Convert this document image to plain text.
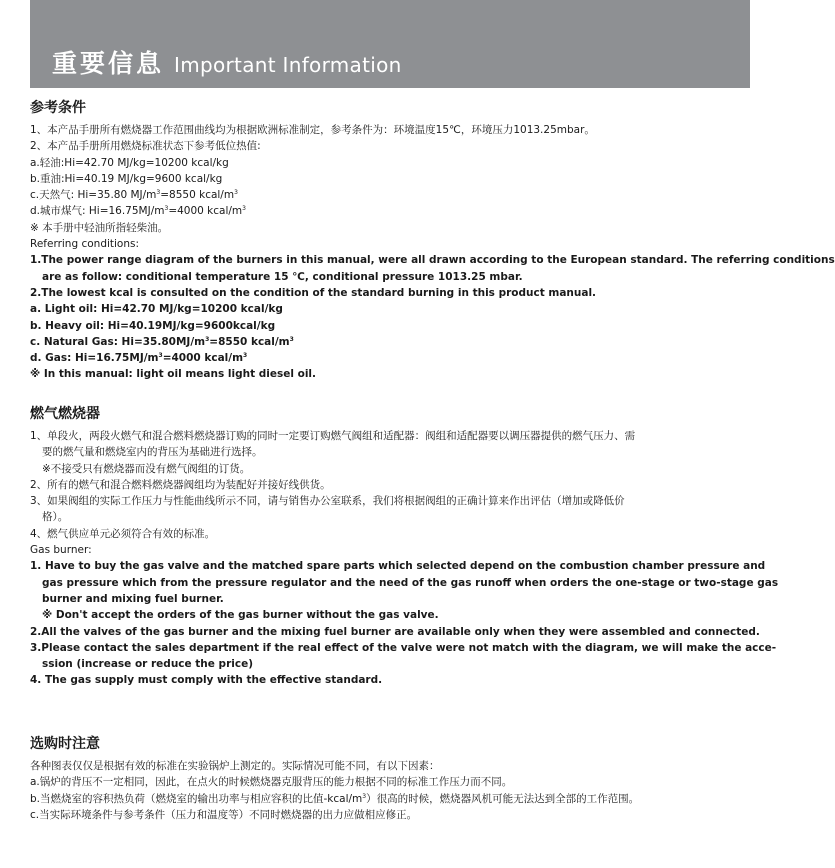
重要信息 Important Information
参考条件
1、本产品手册所有燃烧器工作范围曲线均为根据欧洲标准制定，参考条件为：环境温度15℃，环境压力1013.25mbar。
2、本产品手册所用燃烧标准状态下参考低位热值:
a.轻油:Hi=42.70 MJ/kg=10200 kcal/kg
b.重油:Hi=40.19 MJ/kg=9600 kcal/kg
c.天然气: Hi=35.80 $MJ/m^3=8550$ kcal/$m^3$
d.城市煤气: $Hi=16.75MJ/m^3=4000$ kcal/$m^3$
※ 本手册中轻油所指轻柴油。
Referring conditions:
1.The power range diagram of the burners in this manual, were all drawn according to the European standard. The referring conditions
are as follow: conditional temperature 15 ℃, conditional pressure 1013.25 mbar.
2.The lowest kcal is consulted on the condition of the standard burning in this product manual.
a. Light oil: Hi=42.70 MJ/kg=10200 kcal/kg
b. Heavy oil: Hi=40.19MJ/kg=9600kcal/kg
c. Natural Gas: $Hi=35.80MJ/m^3=8550$ kcal/$m^3$
d. Gas: $Hi=16.75MJ/m^3=4000$ kcal/$m^3$
※ In this manual: light oil means light diesel oil.
燃气燃烧器
1、单段火，两段火燃气和混合燃料燃烧器订购的同时一定要订购燃气阀组和适配器：阀组和适配器要以调压器提供的燃气压力、需
要的燃气量和燃烧室内的背压为基础进行选择。
※不接受只有燃烧器而没有燃气阀组的订货。
2、所有的燃气和混合燃料燃烧器阀组均为装配好并接好线供货。
3、如果阀组的实际工作压力与性能曲线所示不同，请与销售办公室联系，我们将根据阀组的正确计算来作出评估（增加或降低价
格）。
4、燃气供应单元必须符合有效的标准。
Gas burner:
1. Have to buy the gas valve and the matched spare parts which selected depend on the combustion chamber pressure and
gas pressure which from the pressure regulator and the need of the gas runoff when orders the one-stage or two-stage gas
burner and mixing fuel burner.
※ Don't accept the orders of the gas burner without the gas valve.
2.All the valves of the gas burner and the mixing fuel burner are available only when they were assembled and connected.
3.Please contact the sales department if the real effect of the valve were not match with the diagram, we will make the acce-
ssion (increase or reduce the price)
4. The gas supply must comply with the effective standard.
选购时注意
各种图表仅仅是根据有效的标准在实验锅炉上测定的。实际情况可能不同，有以下因素：
a.锅炉的背压不一定相同，因此，在点火的时候燃烧器克服背压的能力根据不同的标准工作压力而不同。
b.当燃烧室的容积热负荷（燃烧室的输出功率与相应容积的比值$-kcal/m^3$）很高的时候，燃烧器风机可能无法达到全部的工作范围。
c.当实际环境条件与参考条件（压力和温度等）不同时燃烧器的出力应做相应修正。
